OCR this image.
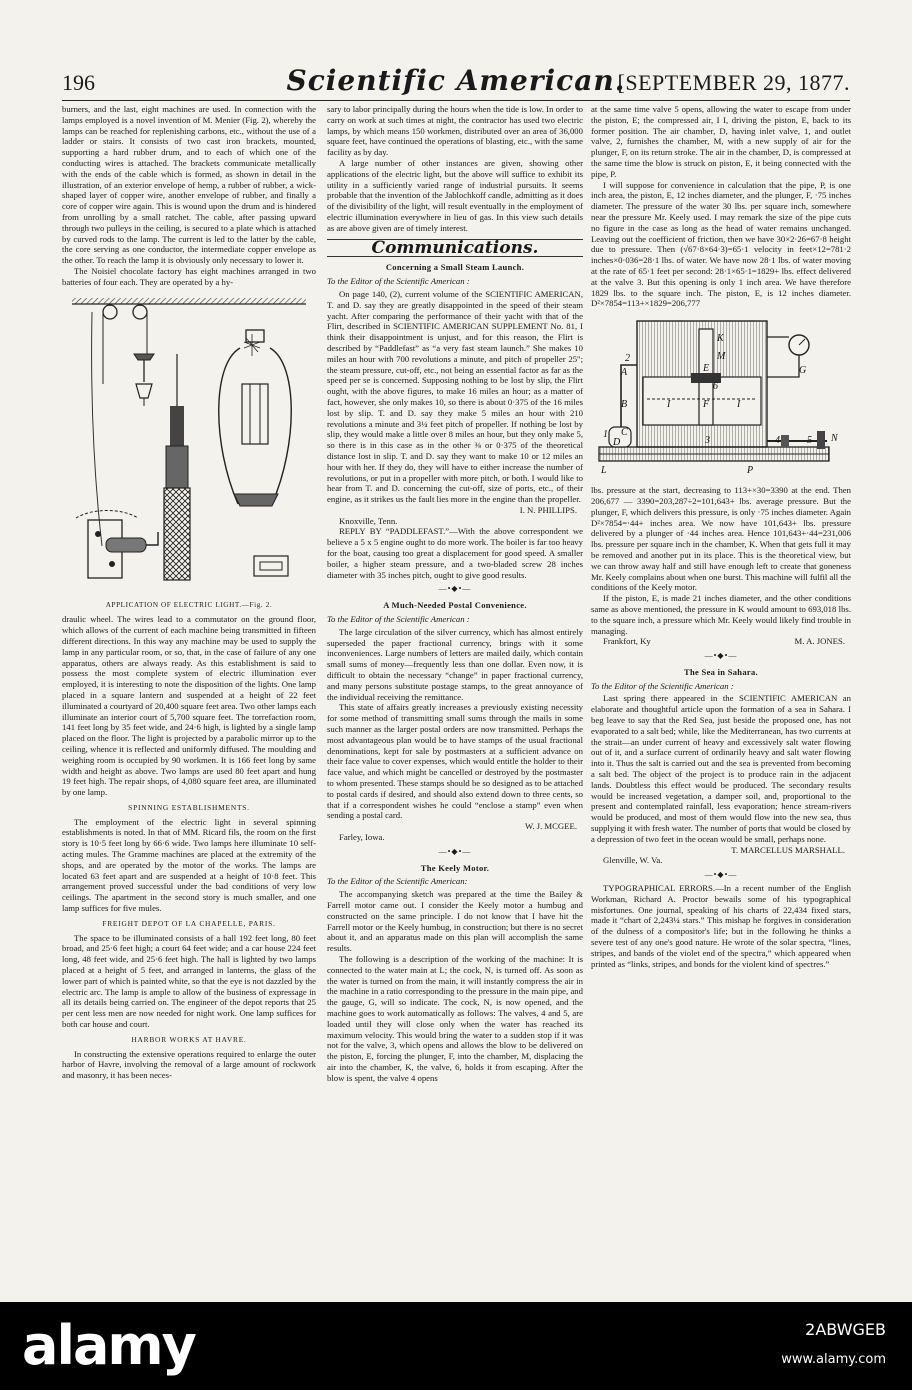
196	Scientific American.
[SEPTEMBER 29, 1877.

burners, and the last, eight machines are used. In connection with the lamps employed is a novel invention of M. Menier (Fig. 2), whereby the lamps can be reached for replenishing carbons, etc., without the use of a ladder or stairs. It consists of two cast iron brackets, mounted, supporting a hard rubber drum, and to each of which one of the conducting wires is attached. The brackets communicate metallically with the ends of the cable which is formed, as shown in detail in the illustration, of an exterior envelope of hemp, a rubber of rubber, a wick-shaped layer of copper wire, another envelope of rubber, and finally a core of copper wire again. This is wound upon the drum and is hindered from unrolling by a small ratchet. The cable, after passing upward through two pulleys in the ceiling, is secured to a plate which is attached by curved rods to the lamp. The current is led to the latter by the cable, the core serving as one conductor, the intermediate copper envelope as the other. To reach the lamp it is obviously only necessary to lower it.

The Noisiel chocolate factory has eight machines arranged in two batteries of four each. They are operated by a hy-

APPLICATION OF ELECTRIC LIGHT.—Fig. 2.

draulic wheel. The wires lead to a commutator on the ground floor, which allows of the current of each machine being transmitted in fifteen different directions. In this way any machine may be used to supply the lamp in any particular room, or so, that, in the case of failure of any one apparatus, others are always ready. As this establishment is said to possess the most complete system of electric illumination ever employed, it is interesting to note the disposition of the lights. One lamp placed in a square lantern and suspended at a height of 22 feet illuminated a courtyard of 20,400 square feet area. Two other lamps each illuminate an interior court of 5,700 square feet. The torrefaction room, 141 feet long by 35 feet wide, and 24·6 high, is lighted by a single lamp placed on the floor. The light is projected by a parabolic mirror up to the ceiling, whence it is reflected and uniformly diffused. The moulding and weighing room is occupied by 90 workmen. It is 166 feet long by same width and height as above. Two lamps are used 80 feet apart and hung 19 feet high. The repair shops, of 4,080 square feet area, are illuminated by one lamp.

SPINNING ESTABLISHMENTS.

The employment of the electric light in several spinning establishments is noted. In that of MM. Ricard fils, the room on the first story is 10·5 feet long by 66·6 wide. Two lamps here illuminate 10 self-acting mules. The Gramme machines are placed at the extremity of the shops, and are operated by the motor of the works. The lamps are located 63 feet apart and are suspended at a height of 10·8 feet. This arrangement proved successful under the bad conditions of very low ceilings. The apartment in the second story is much smaller, and one lamp suffices for five mules.

FREIGHT DEPOT OF LA CHAPELLE, PARIS.

The space to be illuminated consists of a hall 192 feet long, 80 feet broad, and 25·6 feet high; a court 64 feet wide; and a car house 224 feet long, 48 feet wide, and 25·6 feet high. The hall is lighted by two lamps placed at a height of 5 feet, and arranged in lanterns, the glass of the lower part of which is painted white, so that the eye is not dazzled by the electric arc. The lamp is ample to allow of the business of expressage in all its details being carried on. The engineer of the depot reports that 25 per cent less men are now needed for night work. One lamp suffices for both car house and court.

HARBOR WORKS AT HAVRE.

In constructing the extensive operations required to enlarge the outer harbor of Havre, involving the removal of a large amount of rockwork and masonry, it has been neces-

sary to labor principally during the hours when the tide is low. In order to carry on work at such times at night, the contractor has used two electric lamps, by which means 150 workmen, distributed over an area of 36,000 square feet, have continued the operations of blasting, etc., with the same facility as by day.

A large number of other instances are given, showing other applications of the electric light, but the above will suffice to exhibit its utility in a sufficiently varied range of industrial pursuits. It seems probable that the invention of the Jablochkoff candle, admitting as it does of the divisibility of the light, will result eventually in the employment of electric illumination everywhere in lieu of gas. In this view such details as are above given are of timely interest.

Communications.
Concerning a Small Steam Launch.

To the Editor of the Scientific American :

On page 140, (2), current volume of the SCIENTIFIC AMERICAN, T. and D. say they are greatly disappointed in the speed of their steam yacht. After comparing the performance of their yacht with that of the Flirt, described in SCIENTIFIC AMERICAN SUPPLEMENT No. 81, I think their disappointment is unjust, and for this reason, the Flirt is described by “Paddlefast” as “a very fast steam launch.” She makes 10 miles an hour with 700 revolutions a minute, and pitch of propeller 25"; the steam pressure, cut-off, etc., not being an essential factor as far as the speed per se is concerned. Supposing nothing to be lost by slip, the Flirt ought, with the above figures, to make 16 miles an hour; as a matter of fact, however, she only makes 10, so there is about 0·375 of the 16 miles lost by slip. T. and D. say they make 5 miles an hour with 210 revolutions a minute and 3¼ feet pitch of propeller. If nothing be lost by slip, they would make a little over 8 miles an hour, but they only make 5, so there is in this case as in the other ⅜ or 0·375 of the theoretical distance lost in slip. T. and D. say they want to make 10 or 12 miles an hour with her. If they do, they will have to either increase the number of revolutions, or put in a propeller with more pitch, or both. I would like to hear from T. and D. concerning the cut-off, size of ports, etc., of their engine, as it strikes us the fault lies more in the engine than the propeller.

I. N. PHILLIPS.

Knoxville, Tenn.

REPLY BY “PADDLEFAST.”—With the above correspondent we believe a 5 x 5 engine ought to do more work. The boiler is far too heavy for the boat, causing too great a displacement for good speed. A smaller boiler, a higher steam pressure, and a two-bladed screw 28 inches diameter with 35 inches pitch, ought to give good results.

—•◆•—
A Much-Needed Postal Convenience.

To the Editor of the Scientific American :

The large circulation of the silver currency, which has almost entirely superseded the paper fractional currency, brings with it some inconveniences. Large numbers of letters are mailed daily, which contain small sums of money—frequently less than one dollar. Even now, it is difficult to obtain the necessary “change” in paper fractional currency, and many persons substitute postage stamps, to the great annoyance of the individual receiving the remittance.

This state of affairs greatly increases a previously existing necessity for some method of transmitting small sums through the mails in some such manner as the larger postal orders are now transmitted. Perhaps the most advantageous plan would be to have stamps of the usual fractional denominations, kept for sale by postmasters at a sufficient advance on their face value to cover expenses, which would entitle the holder to their face value, and which might be cancelled or destroyed by the postmaster to whom presented. These stamps should be so designed as to be attached to postal cards if desired, and should also extend down to three cents, so that if a correspondent wishes he could “enclose a stamp” even when sending a postal card.

W. J. MCGEE.

Farley, Iowa.

—•◆•—
The Keely Motor.

To the Editor of the Scientific American:

The accompanying sketch was prepared at the time the Bailey & Farrell motor came out. I consider the Keely motor a humbug and constructed on the same principle. I do not know that I have hit the Farrell motor or the Keely humbug, in construction; but there is no secret about it, and an apparatus made on this plan will accomplish the same results.

The following is a description of the working of the machine: It is connected to the water main at L; the cock, N, is turned off. As soon as the water is turned on from the main, it will instantly compress the air in the machine in a ratio corresponding to the pressure in the main pipe, and the gauge, G, will so indicate. The cock, N, is now opened, and the machine goes to work automatically as follows: The valves, 4 and 5, are loaded until they will close only when the water has reached its maximum velocity. This would bring the water to a sudden stop if it was not for the valve, 3, which opens and allows the blow to be delivered on the piston, E, forcing the plunger, F, into the chamber, M, displacing the air into the chamber, K, the valve, 6, holds it from escaping. After the blow is spent, the valve 4 opens

at the same time valve 5 opens, allowing the water to escape from under the piston, E; the compressed air, I I, driving the piston, E, back to its former position. The air chamber, D, having inlet valve, 1, and outlet valve, 2, furnishes the chamber, M, with a new supply of air for the plunger, F, on its return stroke. The air in the chamber, D, is compressed at the same time the blow is struck on piston, E, it being connected with the pipe, P.

I will suppose for convenience in calculation that the pipe, P, is one inch area, the piston, E, 12 inches diameter, and the plunger, F, ·75 inches diameter. The pressure of the water 30 lbs. per square inch, somewhere near the pressure Mr. Keely used. I may remark the size of the pipe cuts no figure in the case as long as the head of water remains unchanged. Leaving out the coefficient of friction, then we have 30×2·26=67·8 height due to pressure. Then (√67·8×64·3)=65·1 velocity in feet×12=781·2 inches×0·036=28·1 lbs. of water. We have now 28·1 lbs. of water moving at the rate of 65·1 feet per second: 28·1×65·1=1829+ lbs. effect delivered at the valve 3. But this opening is only 1 inch area. We have therefore 1829 lbs. to the square inch. The piston, E, is 12 inches diameter. D²×7854=113+×1829=206,777

A
B
C
D
E
F
G
I	I
K
L
M
N
P
1
2
3	4	5
6

lbs. pressure at the start, decreasing to 113+×30=3390 at the end. Then 206,677 — 3390=203,287÷2=101,643+ lbs. average pressure. But the plunger, F, which delivers this pressure, is only ·75 inches diameter. Again D²×7854=·44+ inches area. We now have 101,643+ lbs. pressure delivered by a plunger of ·44 inches area. Hence 101,643+·44=231,006 lbs. pressure per square inch in the chamber, K. When that gets full it may be removed and another put in its place. This is the theoretical view, but we can throw away half and still have enough left to create that goneness Mr. Keely complains about when one burst. This machine will fulfil all the conditions of the Keely motor.

If the piston, E, is made 21 inches diameter, and the other conditions same as above mentioned, the pressure in K would amount to 693,018 lbs. to the square inch, a pressure which Mr. Keely would likely find trouble in managing.

Frankfort, Ky	M. A. JONES.
—•◆•—
The Sea in Sahara.

To the Editor of the Scientific American :

Last spring there appeared in the SCIENTIFIC AMERICAN an elaborate and thoughtful article upon the formation of a sea in Sahara. I beg leave to say that the Red Sea, just beside the proposed one, has not evaporated to a salt bed; while, like the Mediterranean, has two currents at the strait—an under current of heavy and excessively salt water flowing out of it, and a surface current of ordinarily heavy and salt water flowing into it. Thus the salt is carried out and the sea is prevented from becoming a salt bed. The object of the project is to produce rain in the adjacent lands. Doubtless this effect would be produced. The secondary results would be increased vegetation, a damper soil, and, proportional to the present and contemplated rainfall, less evaporation; hence stream-rivers would be produced, and most of them would flow into the new sea, thus supplying it with fresh water. The number of ports that would be closed by a depression of two feet in the ocean would be small, perhaps none.

T. MARCELLUS MARSHALL.

Glenville, W. Va.

—•◆•—

TYPOGRAPHICAL ERRORS.—In a recent number of the English Workman, Richard A. Proctor bewails some of his typographical misfortunes. One journal, speaking of his charts of 22,434 fixed stars, made it “chart of 2,243¼ stars.” This mishap he forgives in consideration of the dulness of a compositor's life; but in the following he thinks a severe test of any one's good nature. He wrote of the solar spectra, “lines, stripes, and bands of the violet end of the spectra,” which appeared when printed as “links, stripes, and bonds for the violent kind of spectres.”

alamy	2ABWGEB
www.alamy.com
